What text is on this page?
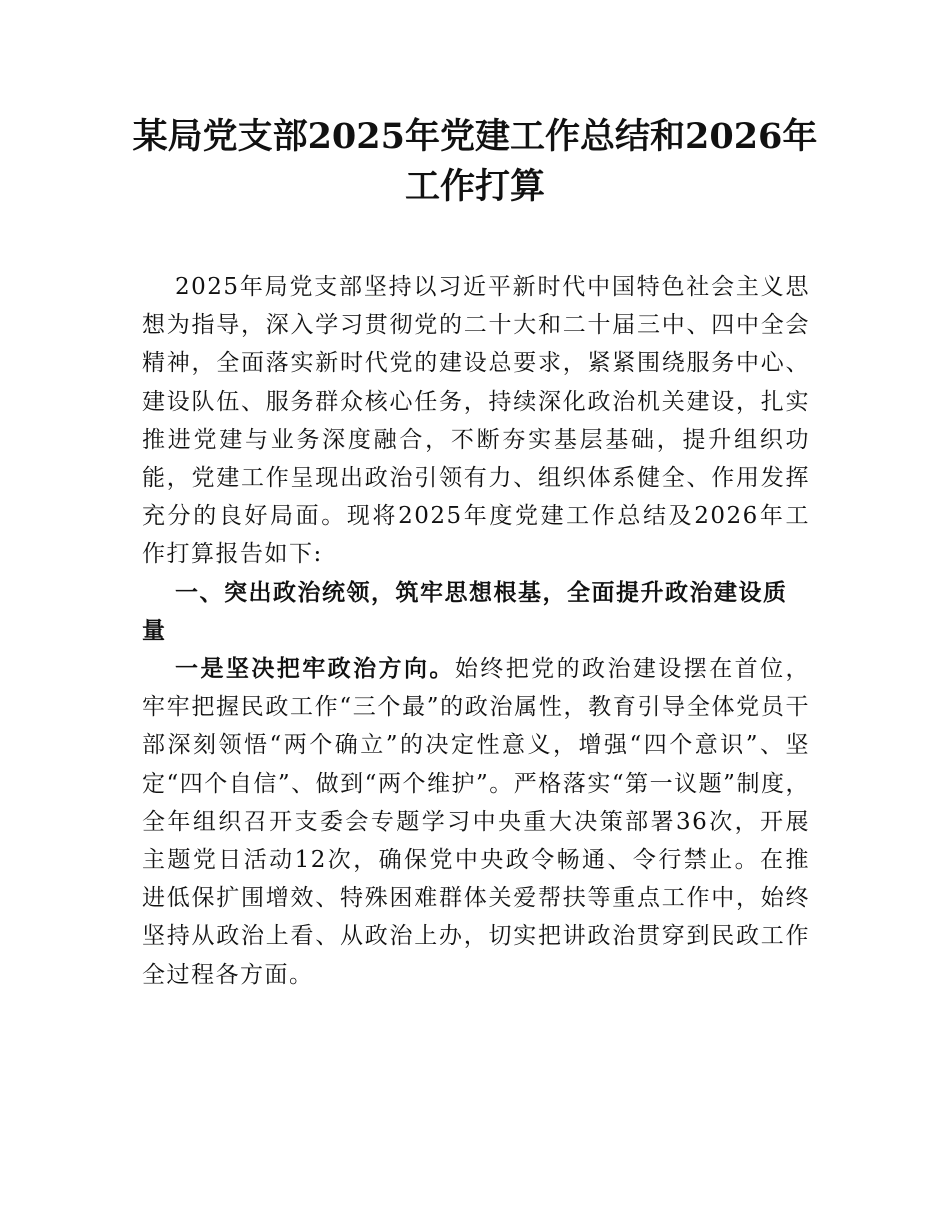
某局党支部2025年党建工作总结和2026年
工作打算

2025年局党支部坚持以习近平新时代中国特色社会主义思想为指导，深入学习贯彻党的二十大和二十届三中、四中全会精神，全面落实新时代党的建设总要求，紧紧围绕服务中心、建设队伍、服务群众核心任务，持续深化政治机关建设，扎实推进党建与业务深度融合，不断夯实基层基础，提升组织功能，党建工作呈现出政治引领有力、组织体系健全、作用发挥充分的良好局面。现将2025年度党建工作总结及2026年工作打算报告如下:

一、突出政治统领，筑牢思想根基，全面提升政治建设质量

一是坚决把牢政治方向。始终把党的政治建设摆在首位，牢牢把握民政工作“三个最”的政治属性，教育引导全体党员干部深刻领悟“两个确立”的决定性意义，增强“四个意识”、坚定“四个自信”、做到“两个维护”。严格落实“第一议题”制度，全年组织召开支委会专题学习中央重大决策部署36次，开展主题党日活动12次，确保党中央政令畅通、令行禁止。在推进低保扩围增效、特殊困难群体关爱帮扶等重点工作中，始终坚持从政治上看、从政治上办，切实把讲政治贯穿到民政工作全过程各方面。
